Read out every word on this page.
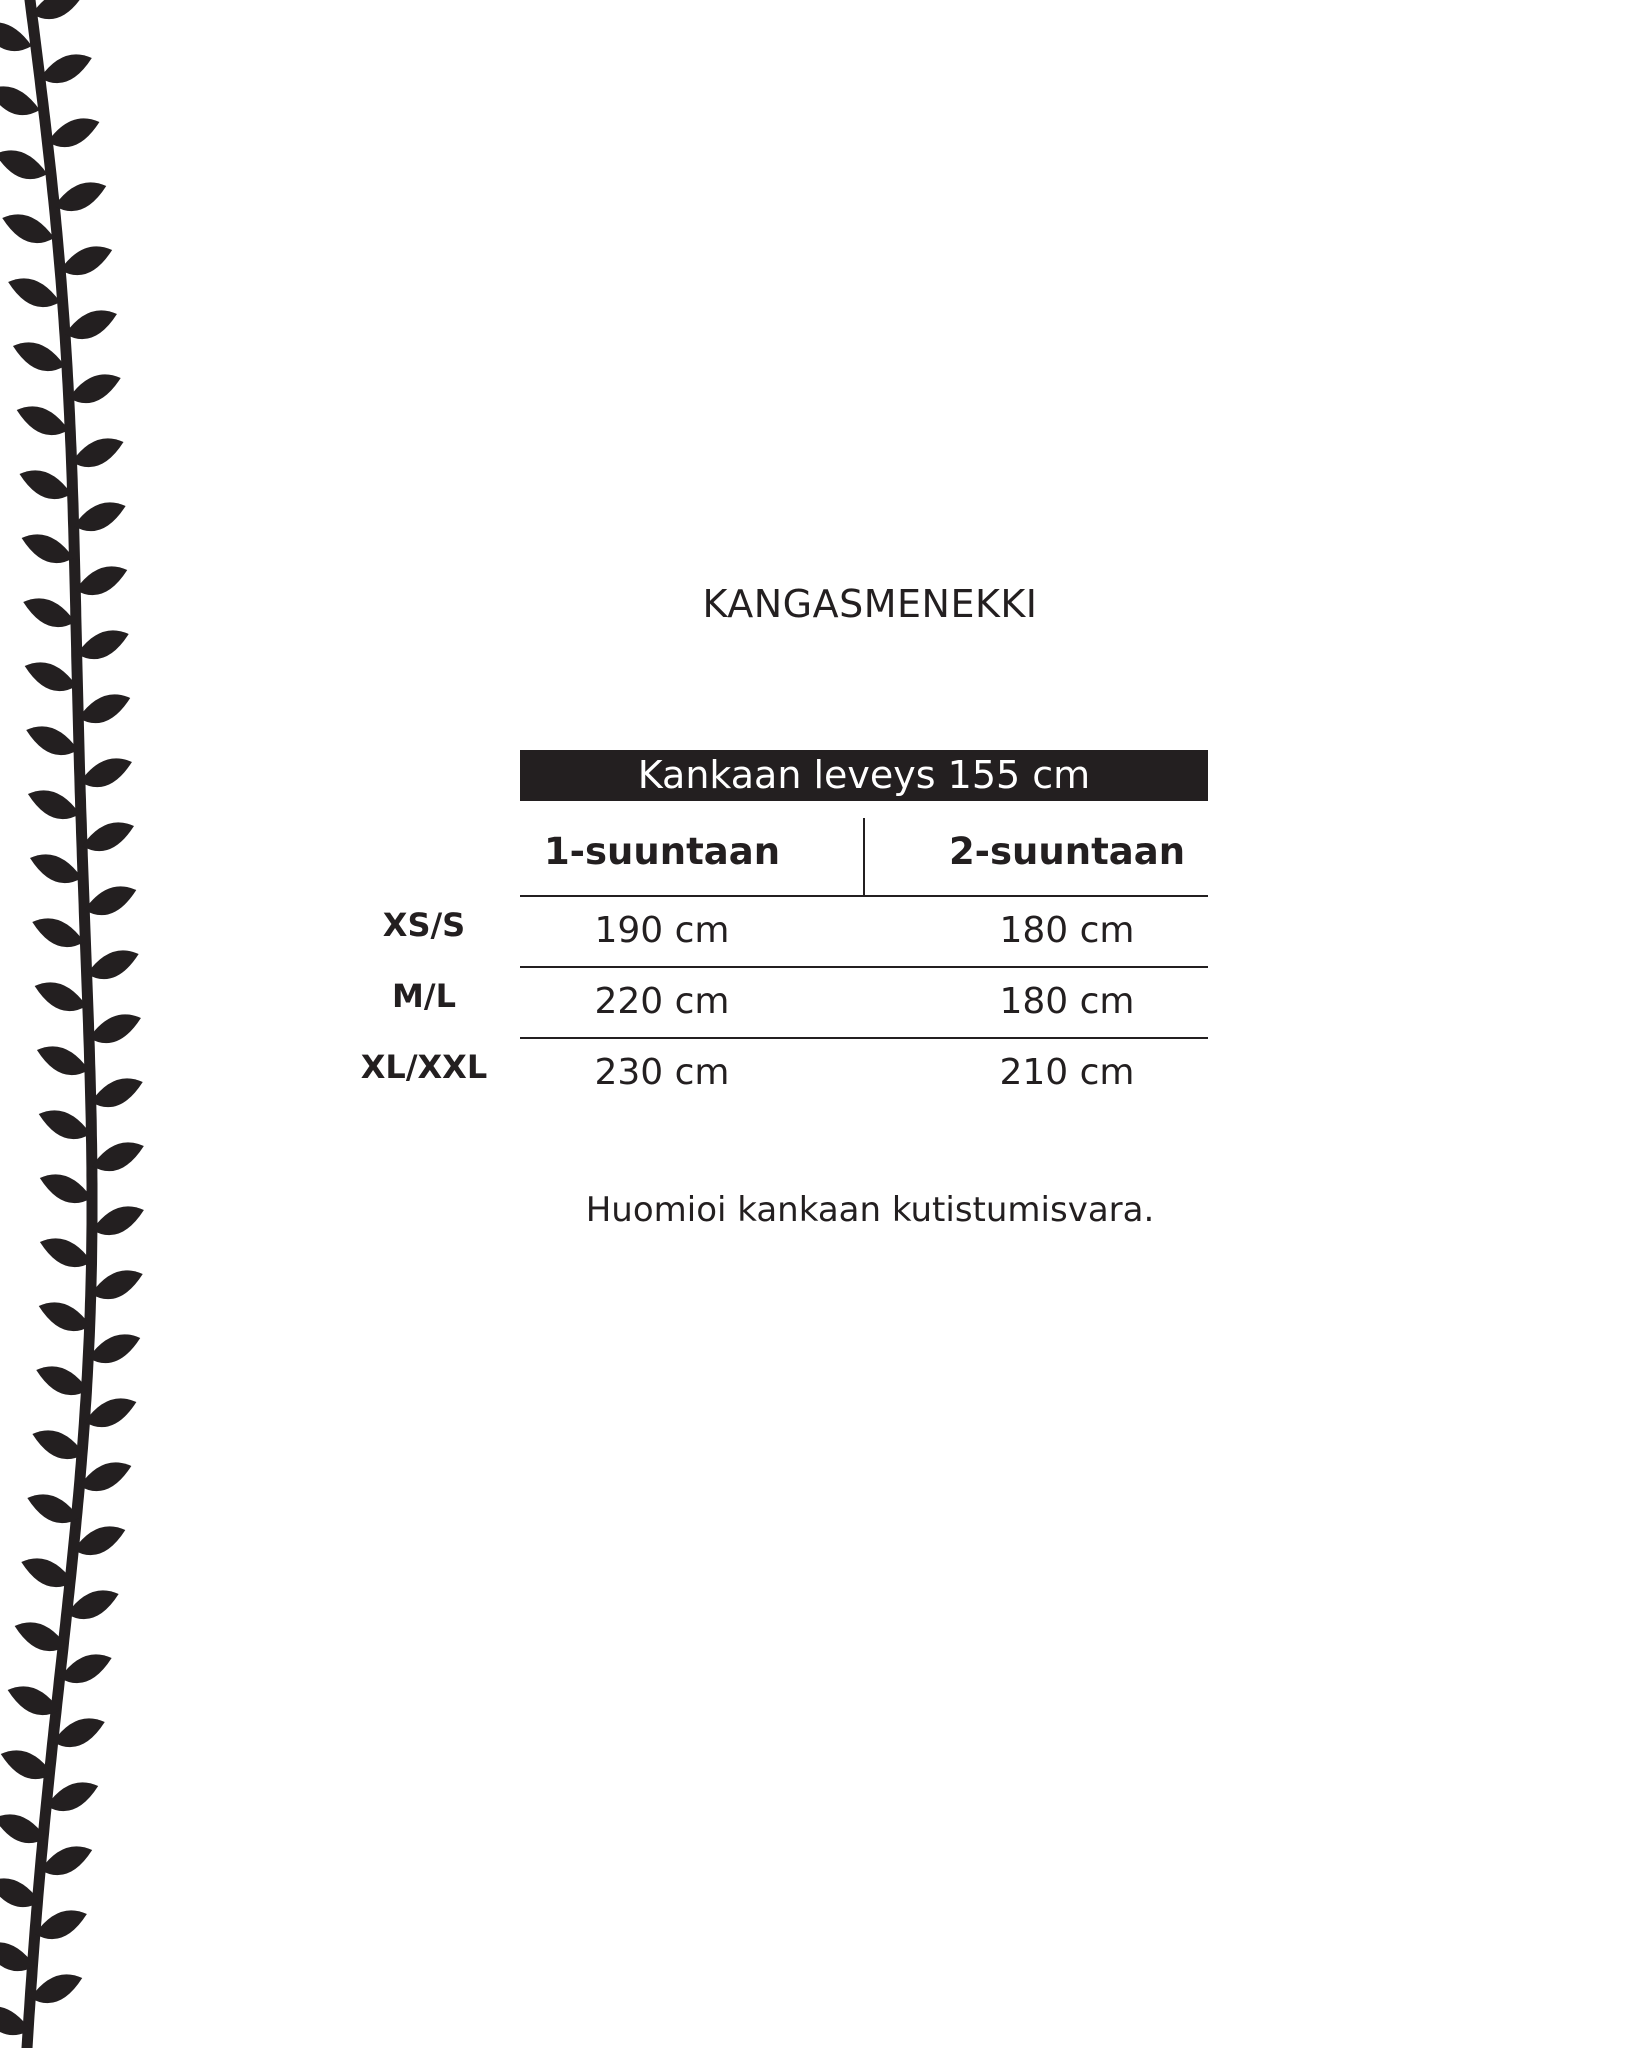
KANGASMENEKKI
Kankaan leveys 155 cm
1-suuntaan	2-suuntaan
XS/S	190 cm	180 cm
M/L	220 cm	180 cm
XL/XXL	230 cm	210 cm
Huomioi kankaan kutistumisvara.
